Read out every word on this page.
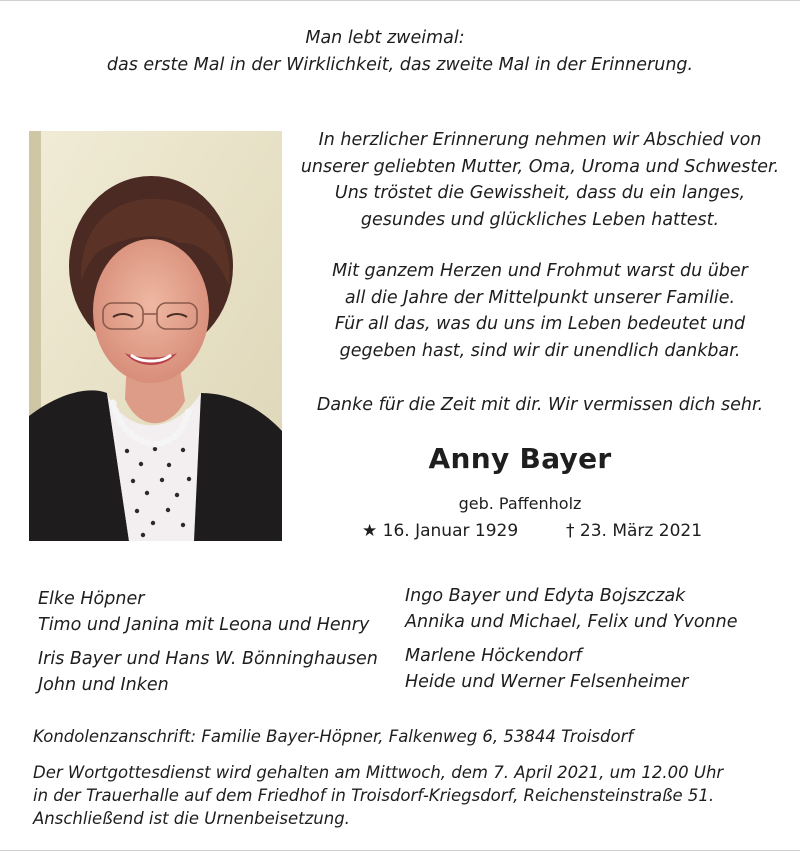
Man lebt zweimal:
das erste Mal in der Wirklichkeit, das zweite Mal in der Erinnerung.
In herzlicher Erinnerung nehmen wir Abschied von
unserer geliebten Mutter, Oma, Uroma und Schwester.
Uns tröstet die Gewissheit, dass du ein langes,
gesundes und glückliches Leben hattest.
Mit ganzem Herzen und Frohmut warst du über
all die Jahre der Mittelpunkt unserer Familie.
Für all das, was du uns im Leben bedeutet und
gegeben hast, sind wir dir unendlich dankbar.
Danke für die Zeit mit dir. Wir vermissen dich sehr.
Anny Bayer
geb. Paffenholz
★ 16. Januar 1929	† 23. März 2021
Elke Höpner
Timo und Janina mit Leona und Henry
Iris Bayer und Hans W. Bönninghausen
John und Inken
Ingo Bayer und Edyta Bojszczak
Annika und Michael, Felix und Yvonne
Marlene Höckendorf
Heide und Werner Felsenheimer
Kondolenzanschrift: Familie Bayer-Höpner, Falkenweg 6, 53844 Troisdorf
Der Wortgottesdienst wird gehalten am Mittwoch, dem 7. April 2021, um 12.00 Uhr
in der Trauerhalle auf dem Friedhof in Troisdorf-Kriegsdorf, Reichensteinstraße 51.
Anschließend ist die Urnenbeisetzung.
